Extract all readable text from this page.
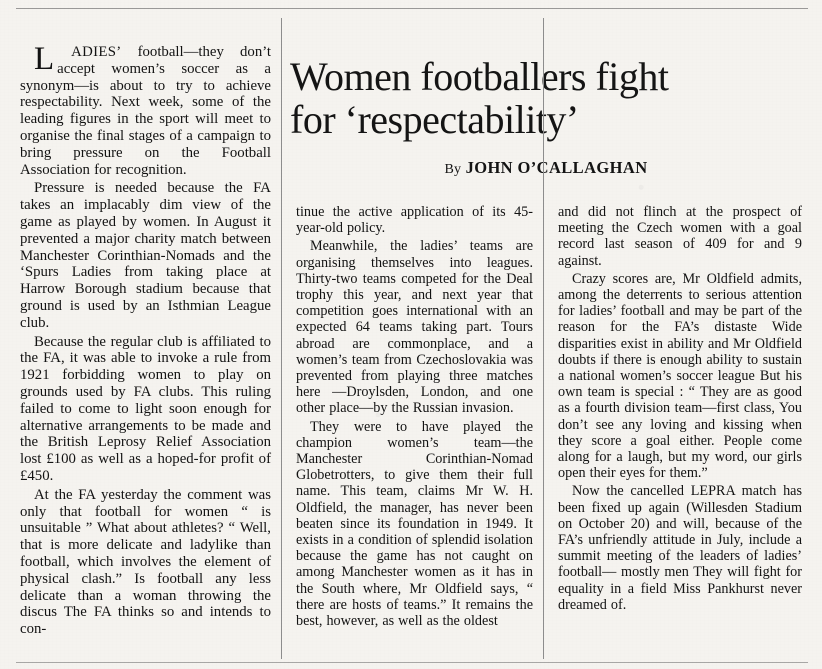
Women footballers fight
for ‘respectability’
By JOHN O’CALLAGHAN

L ADIES’ football—they don’t accept women’s soccer as a synonym—is about to try to achieve respectability. Next week, some of the leading figures in the sport will meet to organise the final stages of a campaign to bring pressure on the Football Association for recognition.

Pressure is needed because the FA takes an implacably dim view of the game as played by women. In August it prevented a major charity match between Manchester Corinthian-Nomads and the ‘Spurs Ladies from taking place at Harrow Borough stadium because that ground is used by an Isthmian League club.

Because the regular club is affiliated to the FA, it was able to invoke a rule from 1921 forbidding women to play on grounds used by FA clubs. This ruling failed to come to light soon enough for alternative arrangements to be made and the British Leprosy Relief Association lost £100 as well as a hoped-for profit of £450.

At the FA yesterday the comment was only that football for women “ is unsuitable ” What about athletes? “ Well, that is more delicate and ladylike than football, which involves the element of physical clash.” Is football any less delicate than a woman throwing the discus The FA thinks so and intends to con-

tinue the active application of its 45-year-old policy.

Meanwhile, the ladies’ teams are organising themselves into leagues. Thirty-two teams competed for the Deal trophy this year, and next year that competition goes international with an expected 64 teams taking part. Tours abroad are commonplace, and a women’s team from Czechoslovakia was prevented from playing three matches here —Droylsden, London, and one other place—by the Russian invasion.

They were to have played the champion women’s team—the Manchester Corinthian-Nomad Globetrotters, to give them their full name. This team, claims Mr W. H. Oldfield, the manager, has never been beaten since its foundation in 1949. It exists in a condition of splendid isolation because the game has not caught on among Manchester women as it has in the South where, Mr Oldfield says, “ there are hosts of teams.” It remains the best, however, as well as the oldest

and did not flinch at the prospect of meeting the Czech women with a goal record last season of 409 for and 9 against.

Crazy scores are, Mr Oldfield admits, among the deterrents to serious attention for ladies’ football and may be part of the reason for the FA’s distaste Wide disparities exist in ability and Mr Oldfield doubts if there is enough ability to sustain a national women’s soccer league But his own team is special : “ They are as good as a fourth division team—first class, You don’t see any loving and kissing when they score a goal either. People come along for a laugh, but my word, our girls open their eyes for them.”

Now the cancelled LEPRA match has been fixed up again (Willesden Stadium on October 20) and will, because of the FA’s unfriendly attitude in July, include a summit meeting of the leaders of ladies’ football— mostly men They will fight for equality in a field Miss Pankhurst never dreamed of.
